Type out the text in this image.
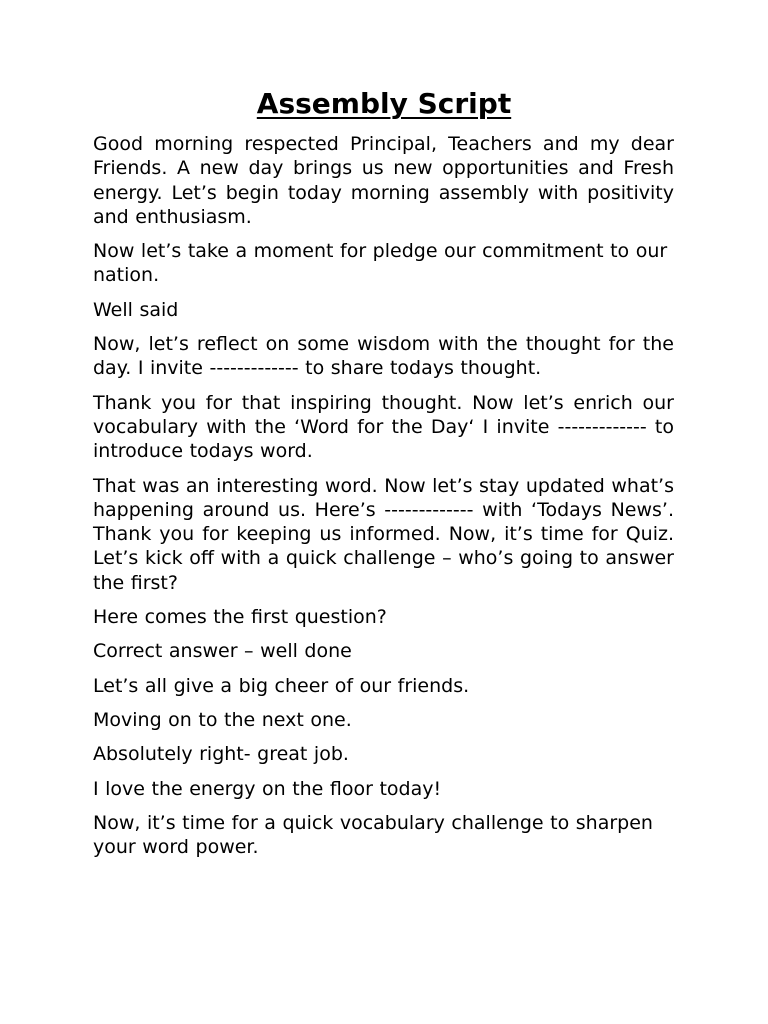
Assembly Script

Good morning respected Principal, Teachers and my dear Friends. A new day brings us new opportunities and Fresh energy. Let’s begin today morning assembly with positivity and enthusiasm.

Now let’s take a moment for pledge our commitment to our nation.

Well said

Now, let’s reflect on some wisdom with the thought for the day. I invite ------------- to share todays thought.

Thank you for that inspiring thought. Now let’s enrich our vocabulary with the ‘Word for the Day‘ I invite ------------- to introduce todays word.

That was an interesting word. Now let’s stay updated what’s happening around us. Here’s ------------- with ‘Todays News’. Thank you for keeping us informed. Now, it’s time for Quiz. Let’s kick off with a quick challenge – who’s going to answer the first?

Here comes the first question?

Correct answer – well done

Let’s all give a big cheer of our friends.

Moving on to the next one.

Absolutely right- great job.

I love the energy on the floor today!

Now, it’s time for a quick vocabulary challenge to sharpen your word power.
